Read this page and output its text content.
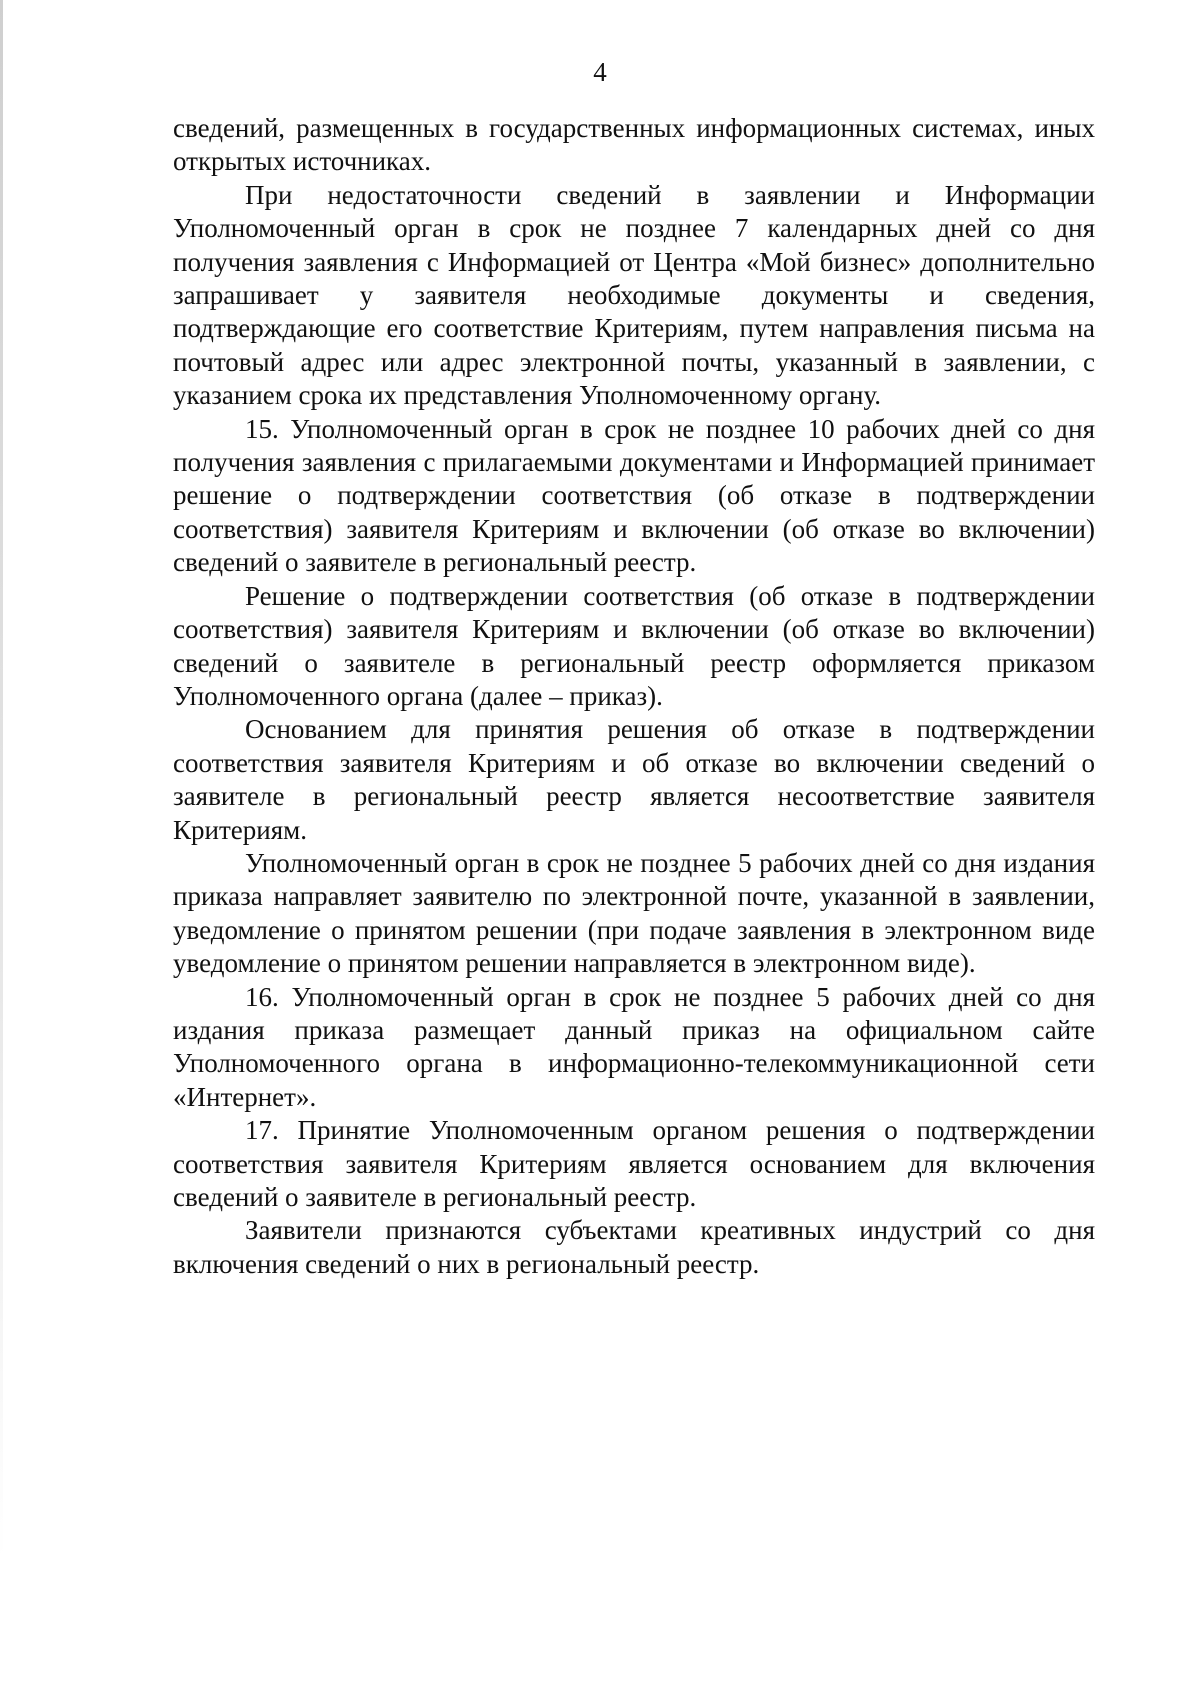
4

сведений, размещенных в государственных информационных системах, иных открытых источниках.

При недостаточности сведений в заявлении и Информации Уполномоченный орган в срок не позднее 7 календарных дней со дня получения заявления с Информацией от Центра «Мой бизнес» дополнительно запрашивает у заявителя необходимые документы и сведения, подтверждающие его соответствие Критериям, путем направления письма на почтовый адрес или адрес электронной почты, указанный в заявлении, с указанием срока их представления Уполномоченному органу.

15. Уполномоченный орган в срок не позднее 10 рабочих дней со дня получения заявления с прилагаемыми документами и Информацией принимает решение о подтверждении соответствия (об отказе в подтверждении соответствия) заявителя Критериям и включении (об отказе во включении) сведений о заявителе в региональный реестр.

Решение о подтверждении соответствия (об отказе в подтверждении соответствия) заявителя Критериям и включении (об отказе во включении) сведений о заявителе в региональный реестр оформляется приказом Уполномоченного органа (далее – приказ).

Основанием для принятия решения об отказе в подтверждении соответствия заявителя Критериям и об отказе во включении сведений о заявителе в региональный реестр является несоответствие заявителя Критериям.

Уполномоченный орган в срок не позднее 5 рабочих дней со дня издания приказа направляет заявителю по электронной почте, указанной в заявлении, уведомление о принятом решении (при подаче заявления в электронном виде уведомление о принятом решении направляется в электронном виде).

16. Уполномоченный орган в срок не позднее 5 рабочих дней со дня издания приказа размещает данный приказ на официальном сайте Уполномоченного органа в информационно-телекоммуникационной сети «Интернет».

17. Принятие Уполномоченным органом решения о подтверждении соответствия заявителя Критериям является основанием для включения сведений о заявителе в региональный реестр.

Заявители признаются субъектами креативных индустрий со дня включения сведений о них в региональный реестр.
